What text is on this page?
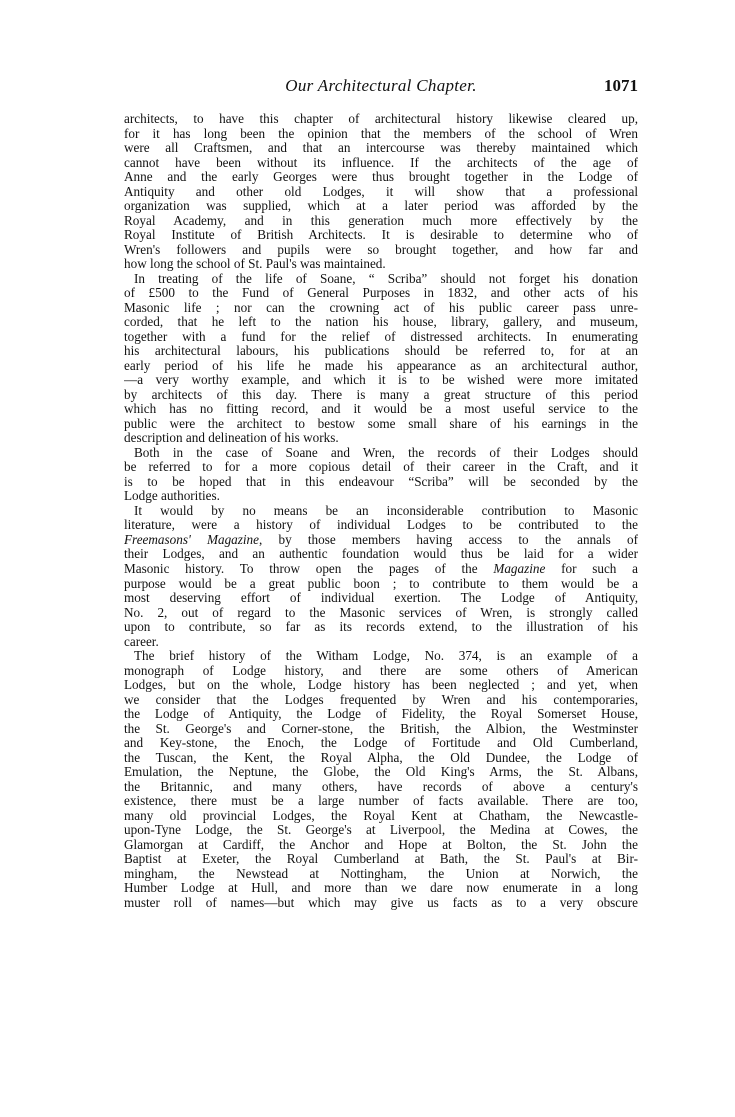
Our Architectural Chapter.	1071
architects, to have this chapter of architectural history likewise cleared up,
for it has long been the opinion that the members of the school of Wren
were all Craftsmen, and that an intercourse was thereby maintained which
cannot have been without its influence. If the architects of the age of
Anne and the early Georges were thus brought together in the Lodge of
Antiquity and other old Lodges, it will show that a professional
organization was supplied, which at a later period was afforded by the
Royal Academy, and in this generation much more effectively by the
Royal Institute of British Architects. It is desirable to determine who of
Wren's followers and pupils were so brought together, and how far and
how long the school of St. Paul's was maintained.
In treating of the life of Soane, “ Scriba” should not forget his donation
of £500 to the Fund of General Purposes in 1832, and other acts of his
Masonic life ; nor can the crowning act of his public career pass unre-
corded, that he left to the nation his house, library, gallery, and museum,
together with a fund for the relief of distressed architects. In enumerating
his architectural labours, his publications should be referred to, for at an
early period of his life he made his appearance as an architectural author,
—a very worthy example, and which it is to be wished were more imitated
by architects of this day. There is many a great structure of this period
which has no fitting record, and it would be a most useful service to the
public were the architect to bestow some small share of his earnings in the
description and delineation of his works.
Both in the case of Soane and Wren, the records of their Lodges should
be referred to for a more copious detail of their career in the Craft, and it
is to be hoped that in this endeavour “Scriba” will be seconded by the
Lodge authorities.
It would by no means be an inconsiderable contribution to Masonic
literature, were a history of individual Lodges to be contributed to the
Freemasons' Magazine, by those members having access to the annals of
their Lodges, and an authentic foundation would thus be laid for a wider
Masonic history. To throw open the pages of the Magazine for such a
purpose would be a great public boon ; to contribute to them would be a
most deserving effort of individual exertion. The Lodge of Antiquity,
No. 2, out of regard to the Masonic services of Wren, is strongly called
upon to contribute, so far as its records extend, to the illustration of his
career.
The brief history of the Witham Lodge, No. 374, is an example of a
monograph of Lodge history, and there are some others of American
Lodges, but on the whole, Lodge history has been neglected ; and yet, when
we consider that the Lodges frequented by Wren and his contemporaries,
the Lodge of Antiquity, the Lodge of Fidelity, the Royal Somerset House,
the St. George's and Corner-stone, the British, the Albion, the Westminster
and Key-stone, the Enoch, the Lodge of Fortitude and Old Cumberland,
the Tuscan, the Kent, the Royal Alpha, the Old Dundee, the Lodge of
Emulation, the Neptune, the Globe, the Old King's Arms, the St. Albans,
the Britannic, and many others, have records of above a century's
existence, there must be a large number of facts available. There are too,
many old provincial Lodges, the Royal Kent at Chatham, the Newcastle-
upon-Tyne Lodge, the St. George's at Liverpool, the Medina at Cowes, the
Glamorgan at Cardiff, the Anchor and Hope at Bolton, the St. John the
Baptist at Exeter, the Royal Cumberland at Bath, the St. Paul's at Bir-
mingham, the Newstead at Nottingham, the Union at Norwich, the
Humber Lodge at Hull, and more than we dare now enumerate in a long
muster roll of names—but which may give us facts as to a very obscure
